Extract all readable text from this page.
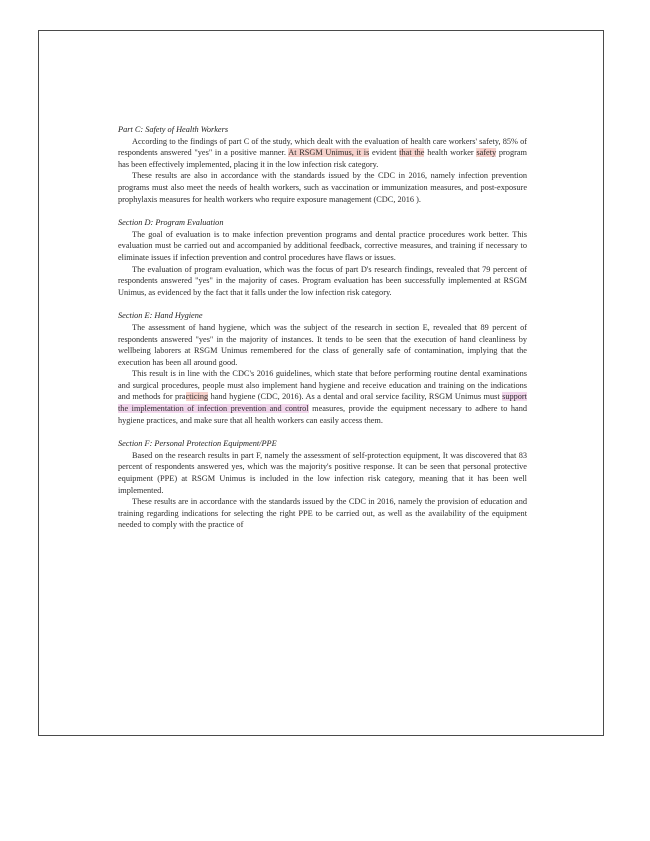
Part C: Safety of Health Workers

According to the findings of part C of the study, which dealt with the evaluation of health care workers' safety, 85% of respondents answered "yes" in a positive manner. At RSGM Unimus, it is evident that the health worker safety program has been effectively implemented, placing it in the low infection risk category.

These results are also in accordance with the standards issued by the CDC in 2016, namely infection prevention programs must also meet the needs of health workers, such as vaccination or immunization measures, and post-exposure prophylaxis measures for health workers who require exposure management (CDC, 2016 ).

Section D: Program Evaluation

The goal of evaluation is to make infection prevention programs and dental practice procedures work better. This evaluation must be carried out and accompanied by additional feedback, corrective measures, and training if necessary to eliminate issues if infection prevention and control procedures have flaws or issues.

The evaluation of program evaluation, which was the focus of part D's research findings, revealed that 79 percent of respondents answered "yes" in the majority of cases. Program evaluation has been successfully implemented at RSGM Unimus, as evidenced by the fact that it falls under the low infection risk category.

Section E: Hand Hygiene

The assessment of hand hygiene, which was the subject of the research in section E, revealed that 89 percent of respondents answered "yes" in the majority of instances. It tends to be seen that the execution of hand cleanliness by wellbeing laborers at RSGM Unimus remembered for the class of generally safe of contamination, implying that the execution has been all around good.

This result is in line with the CDC's 2016 guidelines, which state that before performing routine dental examinations and surgical procedures, people must also implement hand hygiene and receive education and training on the indications and methods for practicing hand hygiene (CDC, 2016). As a dental and oral service facility, RSGM Unimus must support the implementation of infection prevention and control measures, provide the equipment necessary to adhere to hand hygiene practices, and make sure that all health workers can easily access them.

Section F: Personal Protection Equipment/PPE

Based on the research results in part F, namely the assessment of self-protection equipment, It was discovered that 83 percent of respondents answered yes, which was the majority's positive response. It can be seen that personal protective equipment (PPE) at RSGM Unimus is included in the low infection risk category, meaning that it has been well implemented.

These results are in accordance with the standards issued by the CDC in 2016, namely the provision of education and training regarding indications for selecting the right PPE to be carried out, as well as the availability of the equipment needed to comply with the practice of
